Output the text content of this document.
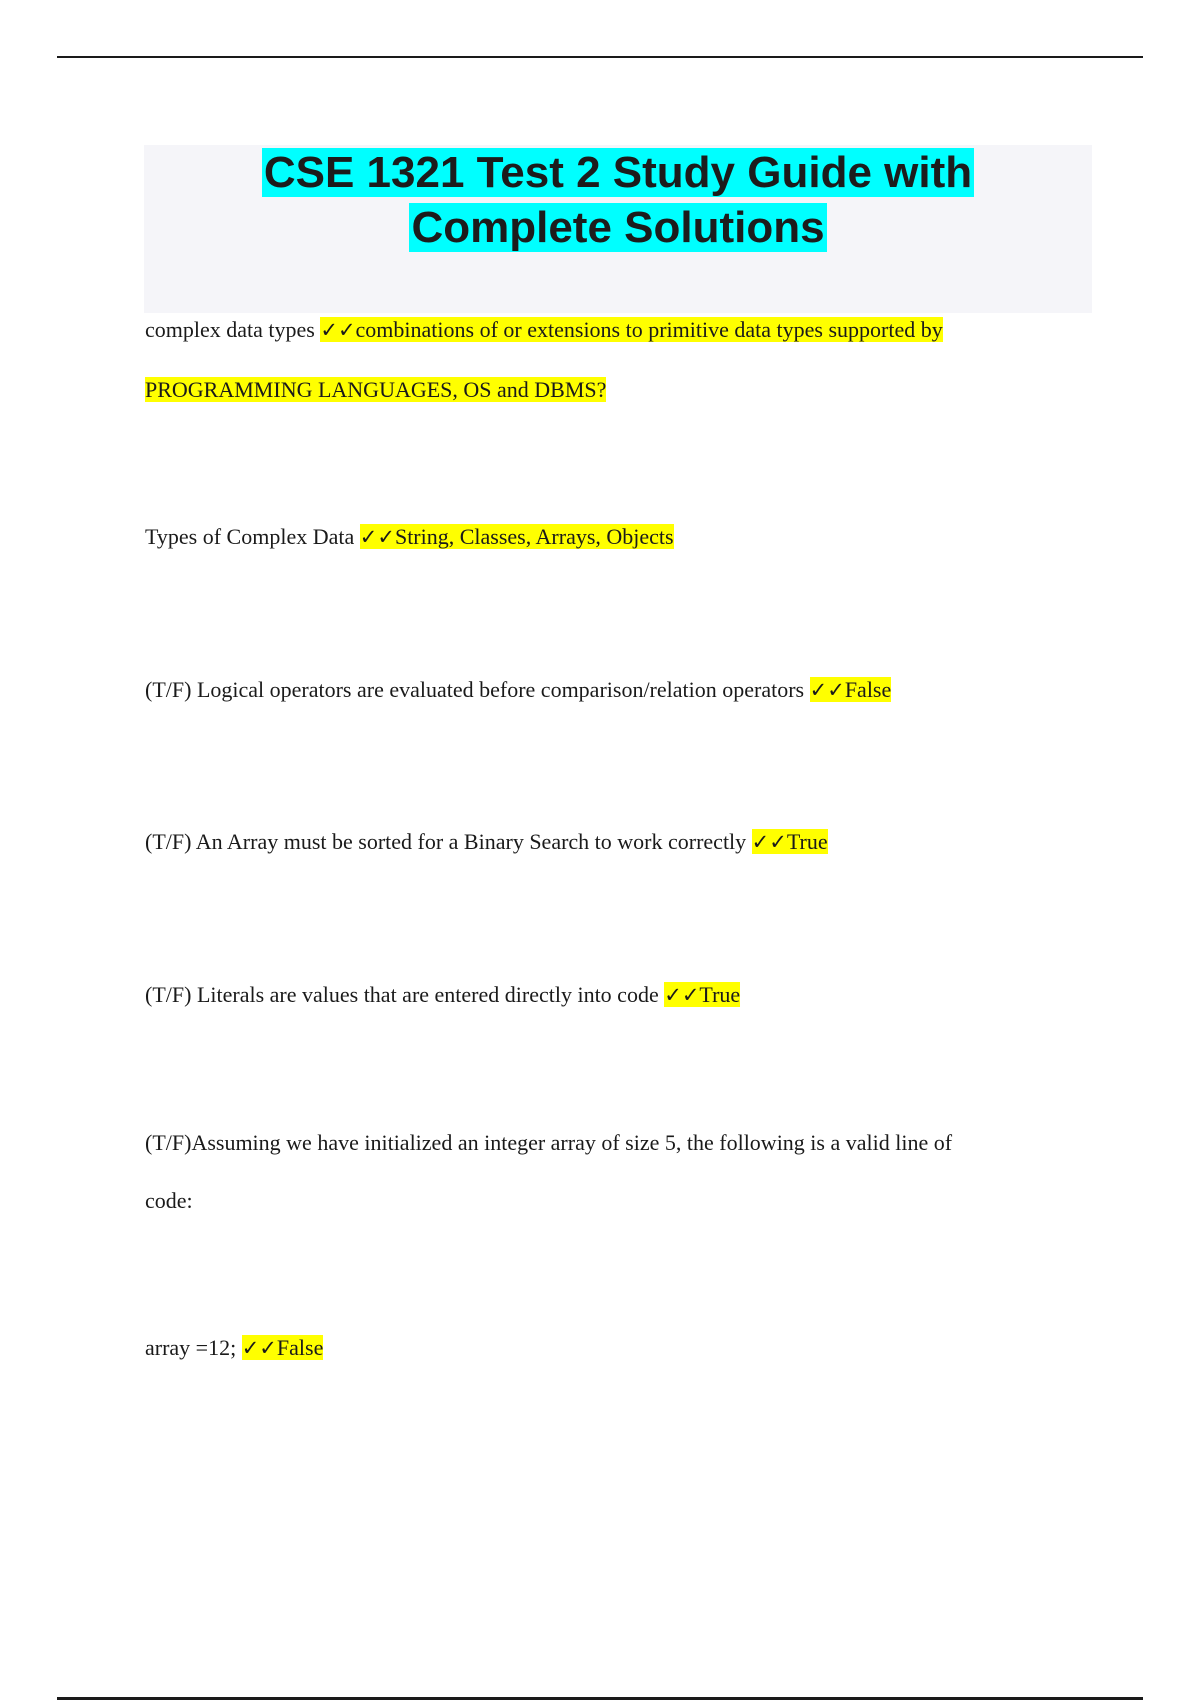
CSE 1321 Test 2 Study Guide with
Complete Solutions

complex data types ✓✓combinations of or extensions to primitive data types supported by

PROGRAMMING LANGUAGES, OS and DBMS?

Types of Complex Data ✓✓String, Classes, Arrays, Objects

(T/F) Logical operators are evaluated before comparison/relation operators ✓✓False

(T/F) An Array must be sorted for a Binary Search to work correctly ✓✓True

(T/F) Literals are values that are entered directly into code ✓✓True

(T/F)Assuming we have initialized an integer array of size 5, the following is a valid line of

code:

array =12; ✓✓False
